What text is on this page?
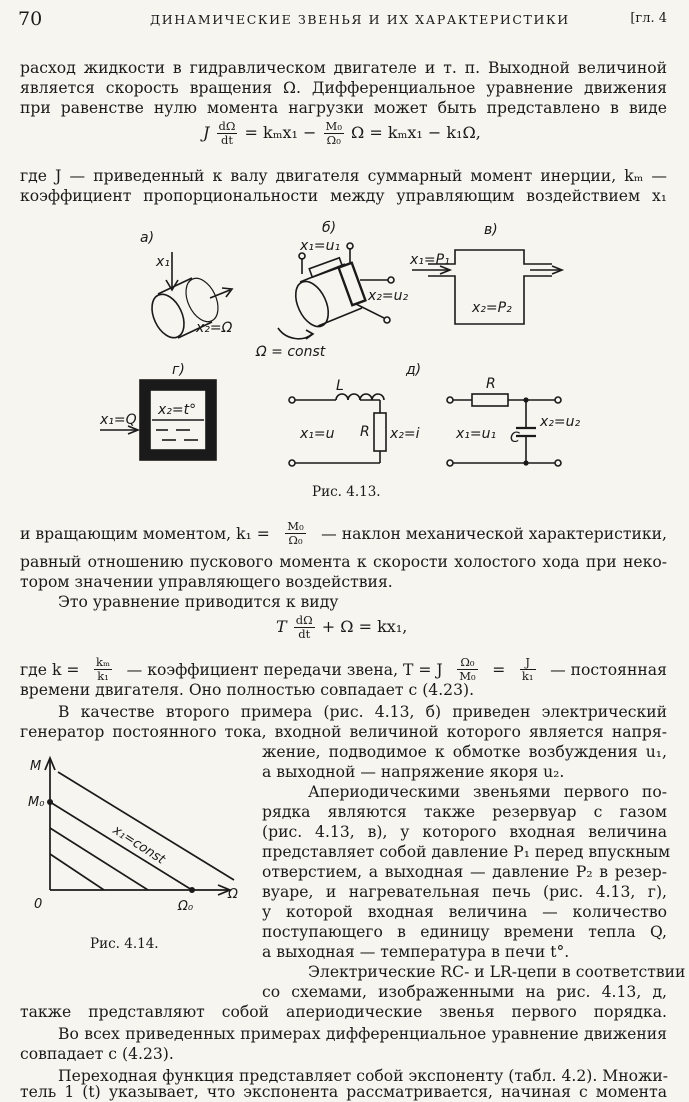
70	ДИНАМИЧЕСКИЕ ЗВЕНЬЯ И ИХ ХАРАКТЕРИСТИКИ	[гл. 4
расход жидкости в гидравлическом двигателе и т. п. Выходной величиной
является скорость вращения Ω. Дифференциальное уравнение движения
при равенстве нулю момента нагрузки может быть представлено в виде
J $\frac{d\Omega}{dt} = k_mx_1 - \frac{\text{M₀}}{\text{Ω₀}}$ Ω = kₘx₁ − k₁Ω,
где J — приведенный к валу двигателя суммарный момент инерции, kₘ —
коэффициент пропорциональности между управляющим воздействием x₁
а)
б)	в)
г)	д)
x₁
x₂=Ω
x₁=u₁
x₂=u₂
Ω = const
x₁=P₁
x₂=P₂
x₂=t°
x₁=Q
L
R
x₁=u	x₂=i
R
C
x₁=u₁
x₂=u₂
Рис. 4.13.
и вращающим моментом, $k_1 = \frac{\text{M₀}}{\text{Ω₀}}$ — наклон механической характеристики,
равный отношению пускового момента к скорости холостого хода при неко-
тором значении управляющего воздействия.
Это уравнение приводится к виду
T $\frac{d\Omega}{dt} + \Omega = kx_1$,
где $k = \frac{\text{kₘ}}{\text{k₁}}$ — коэффициент передачи звена, T = J $\frac{\text{Ω₀}}{\text{M₀}} = \frac{J}{\text{k₁}}$ — постоянная
времени двигателя. Оно полностью совпадает с (4.23).
В качестве второго примера (рис. 4.13, б) приведен электрический
генератор постоянного тока, входной величиной которого является напря-
M
M₀
0
Ω
Ω₀
x₁=const
Рис. 4.14.
жение, подводимое к обмотке возбуждения u₁,
а выходной — напряжение якоря u₂.
Апериодическими звеньями первого по-
рядка являются также резервуар с газом
(рис. 4.13, в), у которого входная величина
представляет собой давление P₁ перед впускным
отверстием, а выходная — давление P₂ в резер-
вуаре, и нагревательная печь (рис. 4.13, г),
у которой входная величина — количество
поступающего в единицу времени тепла Q,
а выходная — температура в печи t°.
Электрические RC- и LR-цепи в соответствии
со схемами, изображенными на рис. 4.13, д,
также представляют собой апериодические звенья первого порядка.
Во всех приведенных примерах дифференциальное уравнение движения
совпадает с (4.23).
Переходная функция представляет собой экспоненту (табл. 4.2). Множи-
тель 1 (t) указывает, что экспонента рассматривается, начиная с момента
